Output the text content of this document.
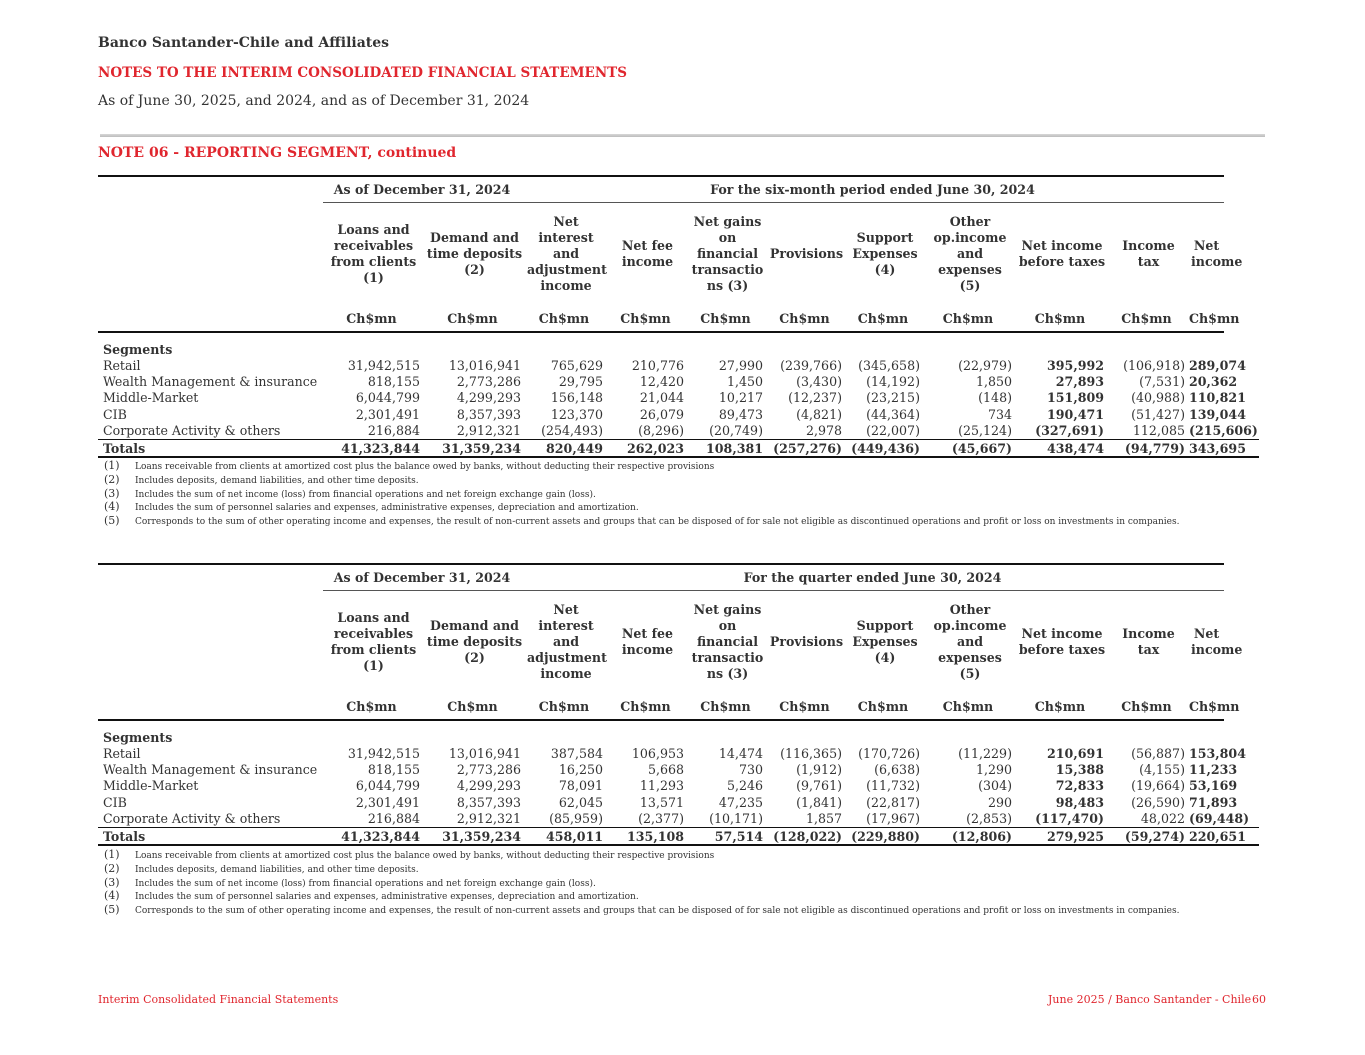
Banco Santander-Chile and Affiliates
NOTES TO THE INTERIM CONSOLIDATED FINANCIAL STATEMENTS
As of June 30, 2025, and 2024, and as of December 31, 2024
NOTE 06 - REPORTING SEGMENT, continued

	As of December 31, 2024		For the six-month period ended June 30, 2024									
	Loans and receivables from clients (1)	Demand and time deposits (2)	Net interest and adjustment income	Net fee income	Net gains on financial transactio ns (3)	Provisions	Support Expenses (4)	Other op.income and expenses (5)	Net income before taxes	Income tax	Net income	
	Ch$mn	Ch$mn	Ch$mn	Ch$mn	Ch$mn	Ch$mn	Ch$mn	Ch$mn	Ch$mn	Ch$mn	Ch$mn	
Segments												
Retail	31,942,515	13,016,941	765,629	210,776	27,990	(239,766)	(345,658)	(22,979)	395,992	(106,918)	289,074	
Wealth Management & insurance	818,155	2,773,286	29,795	12,420	1,450	(3,430)	(14,192)	1,850	27,893	(7,531)	20,362	
Middle-Market	6,044,799	4,299,293	156,148	21,044	10,217	(12,237)	(23,215)	(148)	151,809	(40,988)	110,821	
CIB	2,301,491	8,357,393	123,370	26,079	89,473	(4,821)	(44,364)	734	190,471	(51,427)	139,044	
Corporate Activity & others	216,884	2,912,321	(254,493)	(8,296)	(20,749)	2,978	(22,007)	(25,124)	(327,691)	112,085	(215,606)	
Totals	41,323,844	31,359,234	820,449	262,023	108,381	(257,276)	(449,436)	(45,667)	438,474	(94,779)	343,695	
(1) Loans receivable from clients at amortized cost plus the balance owed by banks, without deducting their respective provisions
(2) Includes deposits, demand liabilities, and other time deposits.
(3) Includes the sum of net income (loss) from financial operations and net foreign exchange gain (loss).
(4) Includes the sum of personnel salaries and expenses, administrative expenses, depreciation and amortization.
(5) Corresponds to the sum of other operating income and expenses, the result of non-current assets and groups that can be disposed of for sale not eligible as discontinued operations and profit or loss on investments in companies.

	As of December 31, 2024		For the quarter ended June 30, 2024									
	Loans and receivables from clients (1)	Demand and time deposits (2)	Net interest and adjustment income	Net fee income	Net gains on financial transactio ns (3)	Provisions	Support Expenses (4)	Other op.income and expenses (5)	Net income before taxes	Income tax	Net income	
	Ch$mn	Ch$mn	Ch$mn	Ch$mn	Ch$mn	Ch$mn	Ch$mn	Ch$mn	Ch$mn	Ch$mn	Ch$mn	
Segments												
Retail	31,942,515	13,016,941	387,584	106,953	14,474	(116,365)	(170,726)	(11,229)	210,691	(56,887)	153,804	
Wealth Management & insurance	818,155	2,773,286	16,250	5,668	730	(1,912)	(6,638)	1,290	15,388	(4,155)	11,233	
Middle-Market	6,044,799	4,299,293	78,091	11,293	5,246	(9,761)	(11,732)	(304)	72,833	(19,664)	53,169	
CIB	2,301,491	8,357,393	62,045	13,571	47,235	(1,841)	(22,817)	290	98,483	(26,590)	71,893	
Corporate Activity & others	216,884	2,912,321	(85,959)	(2,377)	(10,171)	1,857	(17,967)	(2,853)	(117,470)	48,022	(69,448)	
Totals	41,323,844	31,359,234	458,011	135,108	57,514	(128,022)	(229,880)	(12,806)	279,925	(59,274)	220,651	
(1) Loans receivable from clients at amortized cost plus the balance owed by banks, without deducting their respective provisions
(2) Includes deposits, demand liabilities, and other time deposits.
(3) Includes the sum of net income (loss) from financial operations and net foreign exchange gain (loss).
(4) Includes the sum of personnel salaries and expenses, administrative expenses, depreciation and amortization.
(5) Corresponds to the sum of other operating income and expenses, the result of non-current assets and groups that can be disposed of for sale not eligible as discontinued operations and profit or loss on investments in companies.
Interim Consolidated Financial Statements	June 2025 / Banco Santander - Chile 60
